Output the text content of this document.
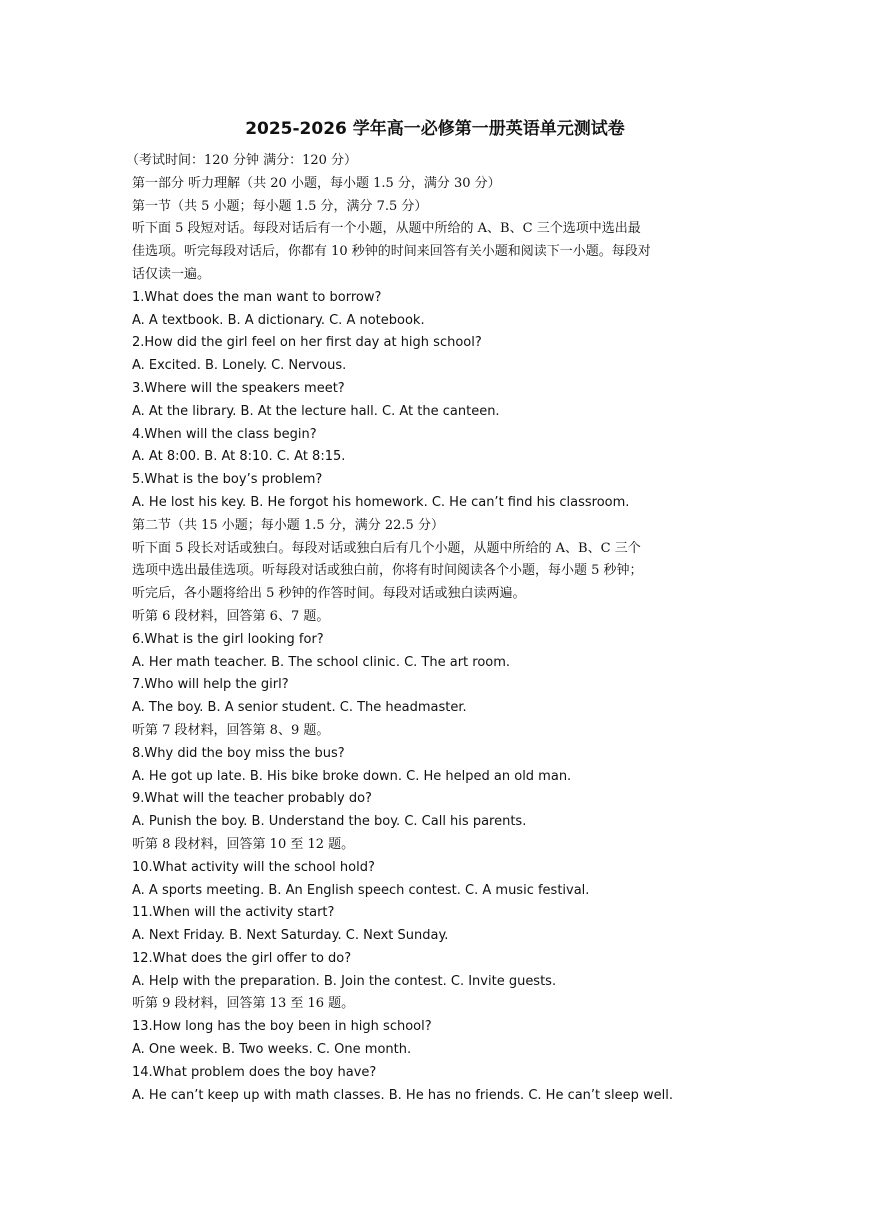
2025-2026 学年高一必修第一册英语单元测试卷
（考试时间：120 分钟 满分：120 分）
第一部分 听力理解（共 20 小题，每小题 1.5 分，满分 30 分）
第一节（共 5 小题；每小题 1.5 分，满分 7.5 分）
听下面 5 段短对话。每段对话后有一个小题，从题中所给的 A、B、C 三个选项中选出最
佳选项。听完每段对话后，你都有 10 秒钟的时间来回答有关小题和阅读下一小题。每段对
话仅读一遍。
1.What does the man want to borrow?
A. A textbook. B. A dictionary. C. A notebook.
2.How did the girl feel on her first day at high school?
A. Excited. B. Lonely. C. Nervous.
3.Where will the speakers meet?
A. At the library. B. At the lecture hall. C. At the canteen.
4.When will the class begin?
A. At 8:00. B. At 8:10. C. At 8:15.
5.What is the boy’s problem?
A. He lost his key. B. He forgot his homework. C. He can’t find his classroom.
第二节（共 15 小题；每小题 1.5 分，满分 22.5 分）
听下面 5 段长对话或独白。每段对话或独白后有几个小题，从题中所给的 A、B、C 三个
选项中选出最佳选项。听每段对话或独白前，你将有时间阅读各个小题，每小题 5 秒钟；
听完后，各小题将给出 5 秒钟的作答时间。每段对话或独白读两遍。
听第 6 段材料，回答第 6、7 题。
6.What is the girl looking for?
A. Her math teacher. B. The school clinic. C. The art room.
7.Who will help the girl?
A. The boy. B. A senior student. C. The headmaster.
听第 7 段材料，回答第 8、9 题。
8.Why did the boy miss the bus?
A. He got up late. B. His bike broke down. C. He helped an old man.
9.What will the teacher probably do?
A. Punish the boy. B. Understand the boy. C. Call his parents.
听第 8 段材料，回答第 10 至 12 题。
10.What activity will the school hold?
A. A sports meeting. B. An English speech contest. C. A music festival.
11.When will the activity start?
A. Next Friday. B. Next Saturday. C. Next Sunday.
12.What does the girl offer to do?
A. Help with the preparation. B. Join the contest. C. Invite guests.
听第 9 段材料，回答第 13 至 16 题。
13.How long has the boy been in high school?
A. One week. B. Two weeks. C. One month.
14.What problem does the boy have?
A. He can’t keep up with math classes. B. He has no friends. C. He can’t sleep well.
